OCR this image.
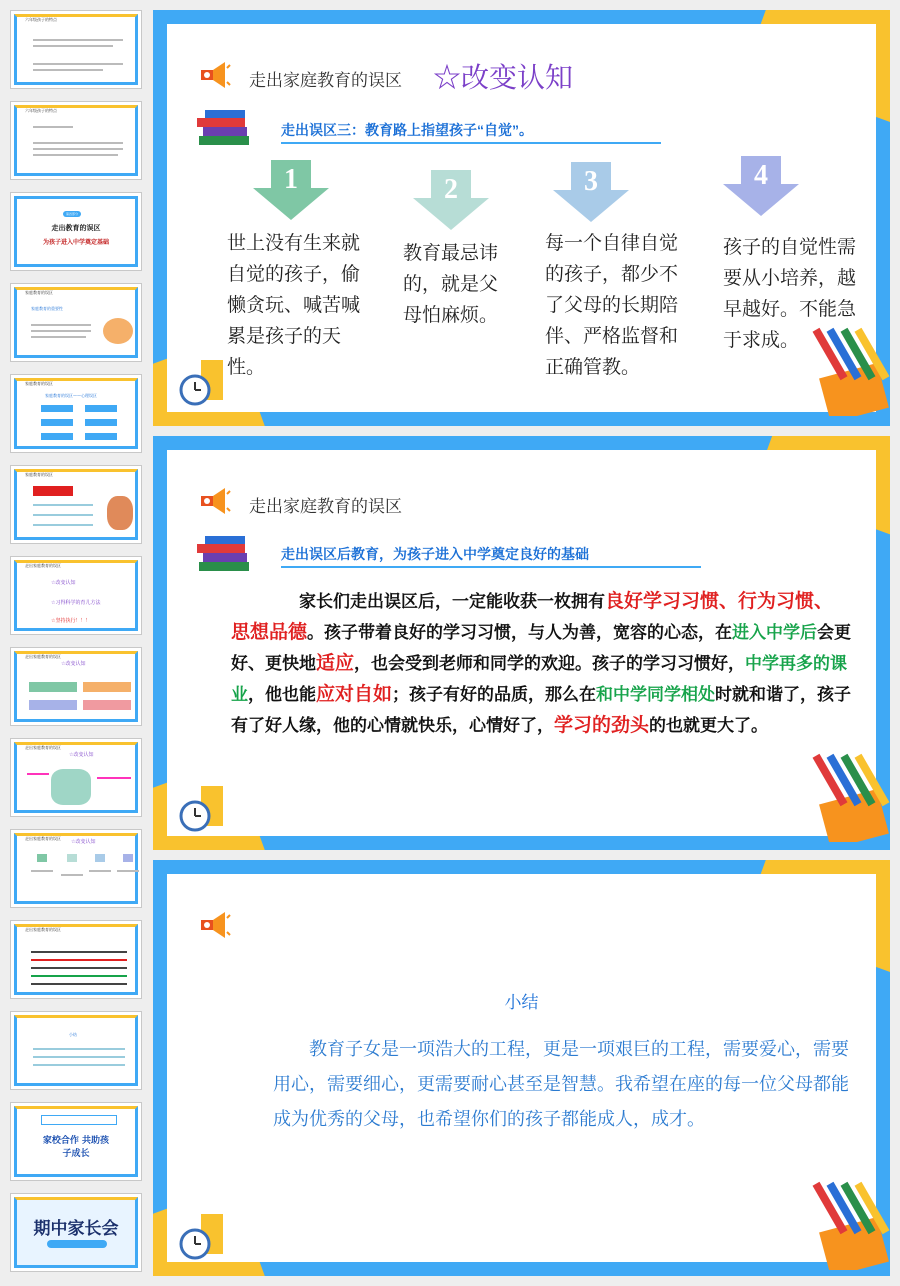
六年级孩子的特点
六年级孩子的特点
第四部分
走出教育的误区
为孩子进入中学奠定基础
家庭教育的误区
家庭教育的重要性
家庭教育的误区
家庭教育的误区——心理误区
家庭教育的误区
走出家庭教育的误区
☆改变认知
☆习得科学的育儿方法
☆坚持执行！！！
走出家庭教育的误区
☆改变认知
走出家庭教育的误区
☆改变认知
走出家庭教育的误区
☆改变认知
走出家庭教育的误区
小结
家校合作 共助孩子成长
期中家长会
走出家庭教育的误区 ☆改变认知
走出误区三：教育路上指望孩子“自觉”。
1	2	3	4
世上没有生来就自觉的孩子，偷懒贪玩、喊苦喊累是孩子的天性。
教育最忌讳的，就是父母怕麻烦。
每一个自律自觉的孩子，都少不了父母的长期陪伴、严格监督和正确管教。
孩子的自觉性需要从小培养，越早越好。不能急于求成。
走出家庭教育的误区
走出误区后教育，为孩子进入中学奠定良好的基础
家长们走出误区后，一定能收获一枚拥有良好学习习惯、行为习惯、思想品德。孩子带着良好的学习习惯，与人为善，宽容的心态，在进入中学后会更好、更快地适应，也会受到老师和同学的欢迎。孩子的学习习惯好，中学再多的课业，他也能应对自如；孩子有好的品质，那么在和中学同学相处时就和谐了，孩子有了好人缘，他的心情就快乐，心情好了，学习的劲头的也就更大了。
小结
教育子女是一项浩大的工程，更是一项艰巨的工程，需要爱心，需要用心，需要细心，更需要耐心甚至是智慧。我希望在座的每一位父母都能成为优秀的父母，也希望你们的孩子都能成人，成才。
